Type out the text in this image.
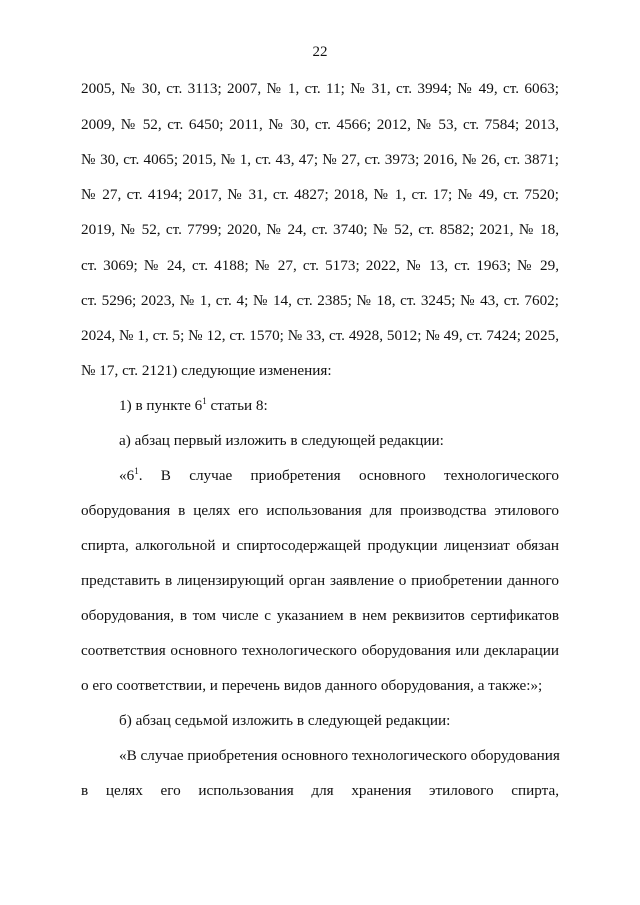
22
2005, № 30, ст. 3113; 2007, № 1, ст. 11; № 31, ст. 3994; № 49, ст. 6063;
2009, № 52, ст. 6450; 2011, № 30, ст. 4566; 2012, № 53, ст. 7584; 2013,
№ 30, ст. 4065; 2015, № 1, ст. 43, 47; № 27, ст. 3973; 2016, № 26, ст. 3871;
№ 27, ст. 4194; 2017, № 31, ст. 4827; 2018, № 1, ст. 17; № 49, ст. 7520;
2019, № 52, ст. 7799; 2020, № 24, ст. 3740; № 52, ст. 8582; 2021, № 18,
ст. 3069; № 24, ст. 4188; № 27, ст. 5173; 2022, № 13, ст. 1963; № 29,
ст. 5296; 2023, № 1, ст. 4; № 14, ст. 2385; № 18, ст. 3245; № 43, ст. 7602;
2024, № 1, ст. 5; № 12, ст. 1570; № 33, ст. 4928, 5012; № 49, ст. 7424; 2025,
№ 17, ст. 2121) следующие изменения:
1) в пункте $6^1$ статьи 8:
а) абзац первый изложить в следующей редакции:
«$6^1$. В случае приобретения основного технологического
оборудования в целях его использования для производства этилового
спирта, алкогольной и спиртосодержащей продукции лицензиат обязан
представить в лицензирующий орган заявление о приобретении данного
оборудования, в том числе с указанием в нем реквизитов сертификатов
соответствия основного технологического оборудования или декларации
о его соответствии, и перечень видов данного оборудования, а также:»;
б) абзац седьмой изложить в следующей редакции:
«В случае приобретения основного технологического оборудования
в целях его использования для хранения этилового спирта,
